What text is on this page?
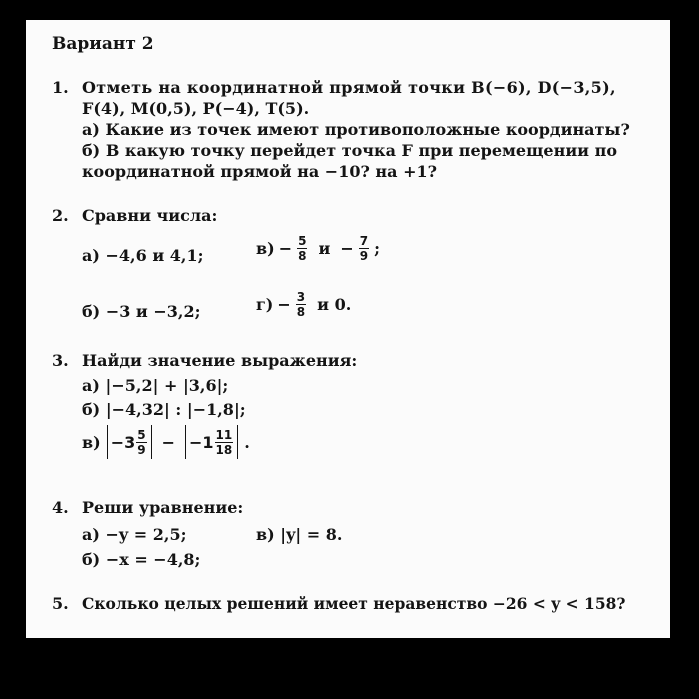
Вариант 2
1. Отметь на координатной прямой точки B(−6), D(−3,5),
F(4), M(0,5), P(−4), T(5).
а) Какие из точек имеют противоположные координаты?
б) В какую точку перейдет точка F при перемещении по
координатной прямой на −10? на +1?
2. Сравни числа:
а) −4,6 и 4,1;	$в) - \frac{5}{8}$ $и - \frac{7}{9}$ ;
б) −3 и −3,2;	$г) - \frac{3}{8}$ и 0.
3. Найди значение выражения:
а) |−5,2| + |3,6|;
б) |−4,32| : |−1,8|;
$в) -3 \frac{5}{9} - -1 \frac{11}{18}$ .
4. Реши уравнение:
а) −y = 2,5;	в) |y| = 8.
б) −x = −4,8;
5. Сколько целых решений имеет неравенство −26 < y < 158?
